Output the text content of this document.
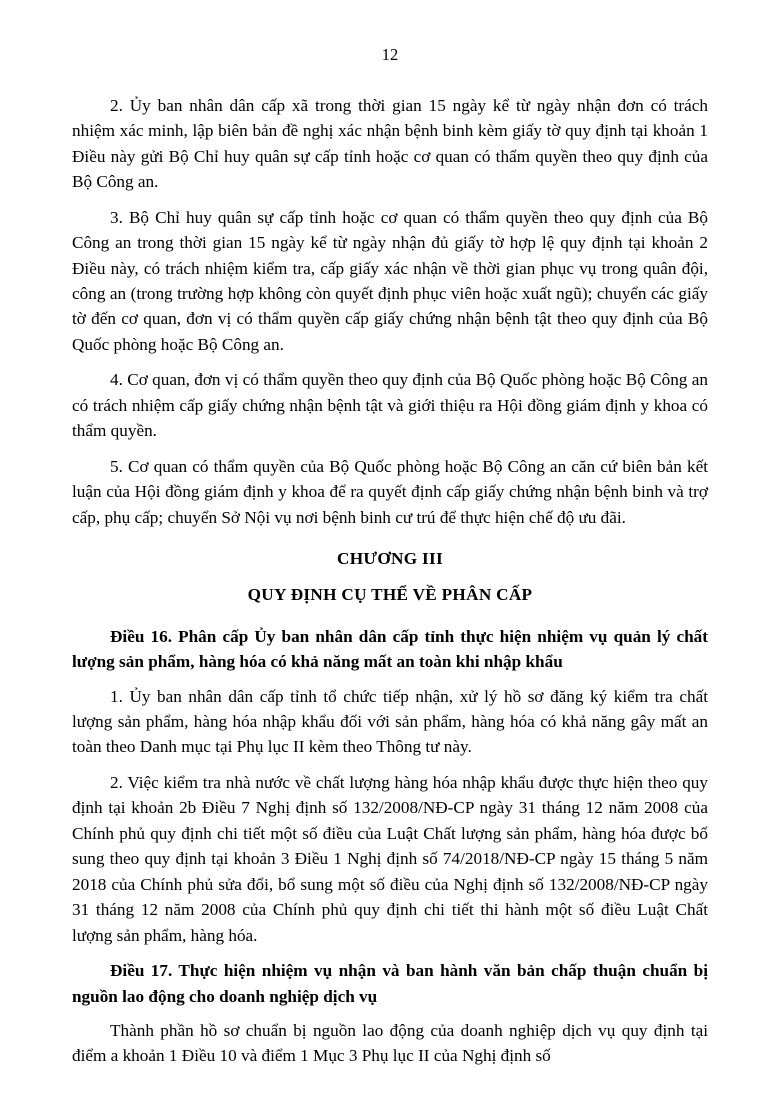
12

2. Ủy ban nhân dân cấp xã trong thời gian 15 ngày kể từ ngày nhận đơn có trách nhiệm xác minh, lập biên bản đề nghị xác nhận bệnh binh kèm giấy tờ quy định tại khoản 1 Điều này gửi Bộ Chỉ huy quân sự cấp tỉnh hoặc cơ quan có thẩm quyền theo quy định của Bộ Công an.

3. Bộ Chỉ huy quân sự cấp tỉnh hoặc cơ quan có thẩm quyền theo quy định của Bộ Công an trong thời gian 15 ngày kể từ ngày nhận đủ giấy tờ hợp lệ quy định tại khoản 2 Điều này, có trách nhiệm kiểm tra, cấp giấy xác nhận về thời gian phục vụ trong quân đội, công an (trong trường hợp không còn quyết định phục viên hoặc xuất ngũ); chuyển các giấy tờ đến cơ quan, đơn vị có thẩm quyền cấp giấy chứng nhận bệnh tật theo quy định của Bộ Quốc phòng hoặc Bộ Công an.

4. Cơ quan, đơn vị có thẩm quyền theo quy định của Bộ Quốc phòng hoặc Bộ Công an có trách nhiệm cấp giấy chứng nhận bệnh tật và giới thiệu ra Hội đồng giám định y khoa có thẩm quyền.

5. Cơ quan có thẩm quyền của Bộ Quốc phòng hoặc Bộ Công an căn cứ biên bản kết luận của Hội đồng giám định y khoa để ra quyết định cấp giấy chứng nhận bệnh binh và trợ cấp, phụ cấp; chuyển Sở Nội vụ nơi bệnh binh cư trú để thực hiện chế độ ưu đãi.

CHƯƠNG III

QUY ĐỊNH CỤ THỂ VỀ PHÂN CẤP

Điều 16. Phân cấp Ủy ban nhân dân cấp tỉnh thực hiện nhiệm vụ quản lý chất lượng sản phẩm, hàng hóa có khả năng mất an toàn khi nhập khẩu

1. Ủy ban nhân dân cấp tỉnh tổ chức tiếp nhận, xử lý hồ sơ đăng ký kiểm tra chất lượng sản phẩm, hàng hóa nhập khẩu đối với sản phẩm, hàng hóa có khả năng gây mất an toàn theo Danh mục tại Phụ lục II kèm theo Thông tư này.

2. Việc kiểm tra nhà nước về chất lượng hàng hóa nhập khẩu được thực hiện theo quy định tại khoản 2b Điều 7 Nghị định số 132/2008/NĐ-CP ngày 31 tháng 12 năm 2008 của Chính phủ quy định chi tiết một số điều của Luật Chất lượng sản phẩm, hàng hóa được bổ sung theo quy định tại khoản 3 Điều 1 Nghị định số 74/2018/NĐ-CP ngày 15 tháng 5 năm 2018 của Chính phủ sửa đổi, bổ sung một số điều của Nghị định số 132/2008/NĐ-CP ngày 31 tháng 12 năm 2008 của Chính phủ quy định chi tiết thi hành một số điều Luật Chất lượng sản phẩm, hàng hóa.

Điều 17. Thực hiện nhiệm vụ nhận và ban hành văn bản chấp thuận chuẩn bị nguồn lao động cho doanh nghiệp dịch vụ

Thành phần hồ sơ chuẩn bị nguồn lao động của doanh nghiệp dịch vụ quy định tại điểm a khoản 1 Điều 10 và điểm 1 Mục 3 Phụ lục II của Nghị định số
